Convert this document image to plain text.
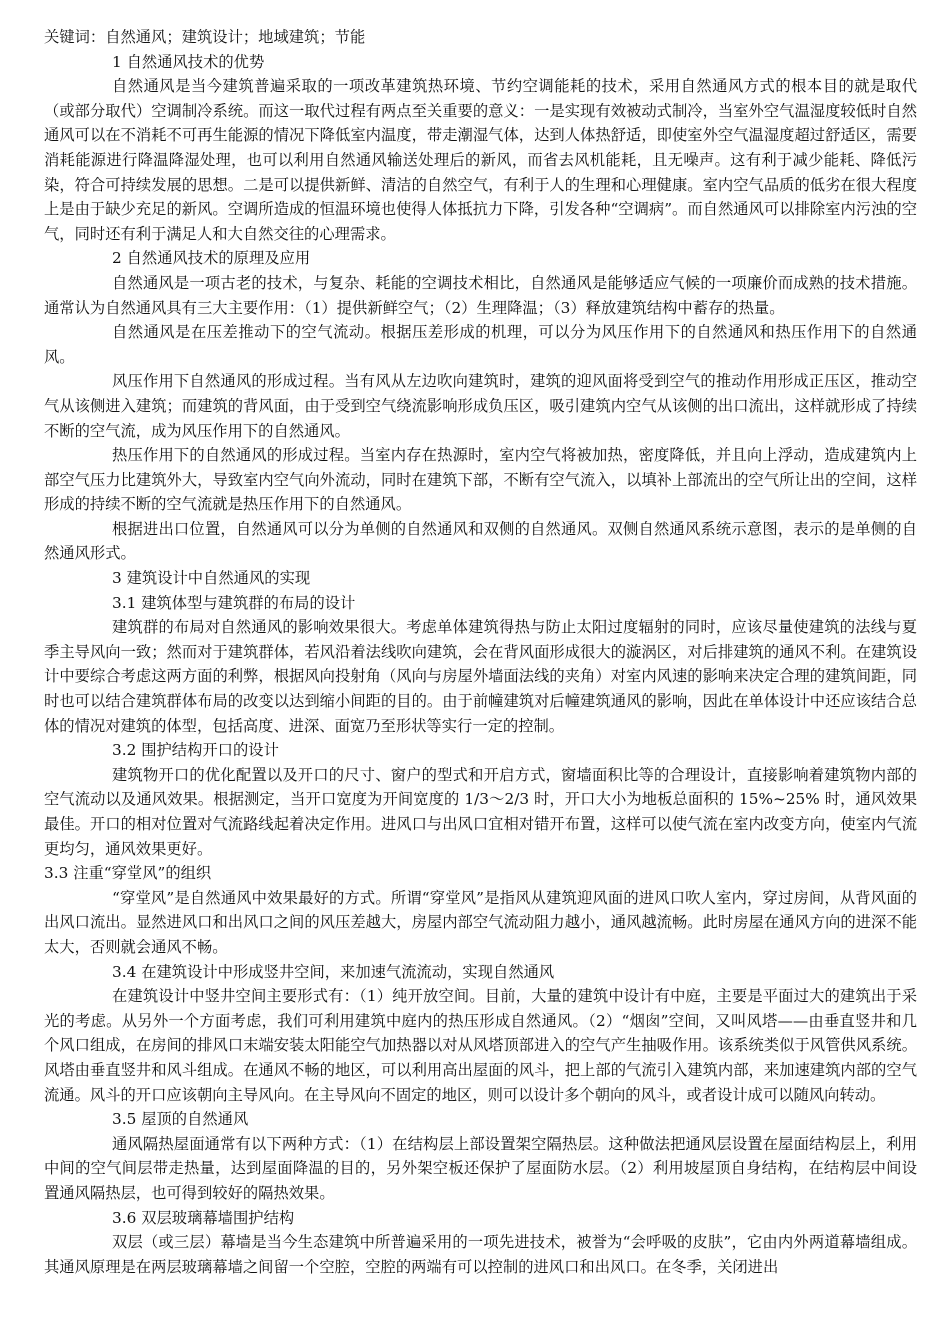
关键词：自然通风；建筑设计；地域建筑；节能

1 自然通风技术的优势

自然通风是当今建筑普遍采取的一项改革建筑热环境、节约空调能耗的技术，采用自然通风方式的根本目的就是取代（或部分取代）空调制冷系统。而这一取代过程有两点至关重要的意义：一是实现有效被动式制冷，当室外空气温湿度较低时自然通风可以在不消耗不可再生能源的情况下降低室内温度，带走潮湿气体，达到人体热舒适，即使室外空气温湿度超过舒适区，需要消耗能源进行降温降湿处理，也可以利用自然通风输送处理后的新风，而省去风机能耗，且无噪声。这有利于减少能耗、降低污染，符合可持续发展的思想。二是可以提供新鲜、清洁的自然空气，有利于人的生理和心理健康。室内空气品质的低劣在很大程度上是由于缺少充足的新风。空调所造成的恒温环境也使得人体抵抗力下降，引发各种“空调病”。而自然通风可以排除室内污浊的空气，同时还有利于满足人和大自然交往的心理需求。

2 自然通风技术的原理及应用

自然通风是一项古老的技术，与复杂、耗能的空调技术相比，自然通风是能够适应气候的一项廉价而成熟的技术措施。通常认为自然通风具有三大主要作用：（1）提供新鲜空气；（2）生理降温；（3）释放建筑结构中蓄存的热量。

自然通风是在压差推动下的空气流动。根据压差形成的机理，可以分为风压作用下的自然通风和热压作用下的自然通风。

风压作用下自然通风的形成过程。当有风从左边吹向建筑时，建筑的迎风面将受到空气的推动作用形成正压区，推动空气从该侧进入建筑；而建筑的背风面，由于受到空气绕流影响形成负压区，吸引建筑内空气从该侧的出口流出，这样就形成了持续不断的空气流，成为风压作用下的自然通风。

热压作用下的自然通风的形成过程。当室内存在热源时，室内空气将被加热，密度降低，并且向上浮动，造成建筑内上部空气压力比建筑外大，导致室内空气向外流动，同时在建筑下部，不断有空气流入，以填补上部流出的空气所让出的空间，这样形成的持续不断的空气流就是热压作用下的自然通风。

根据进出口位置，自然通风可以分为单侧的自然通风和双侧的自然通风。双侧自然通风系统示意图，表示的是单侧的自然通风形式。

3 建筑设计中自然通风的实现

3.1 建筑体型与建筑群的布局的设计

建筑群的布局对自然通风的影响效果很大。考虑单体建筑得热与防止太阳过度辐射的同时，应该尽量使建筑的法线与夏季主导风向一致；然而对于建筑群体，若风沿着法线吹向建筑，会在背风面形成很大的漩涡区，对后排建筑的通风不利。在建筑设计中要综合考虑这两方面的利弊，根据风向投射角（风向与房屋外墙面法线的夹角）对室内风速的影响来决定合理的建筑间距，同时也可以结合建筑群体布局的改变以达到缩小间距的目的。由于前幢建筑对后幢建筑通风的影响，因此在单体设计中还应该结合总体的情况对建筑的体型，包括高度、进深、面宽乃至形状等实行一定的控制。

3.2 围护结构开口的设计

建筑物开口的优化配置以及开口的尺寸、窗户的型式和开启方式，窗墙面积比等的合理设计，直接影响着建筑物内部的空气流动以及通风效果。根据测定，当开口宽度为开间宽度的 1/3～2/3 时，开口大小为地板总面积的 15%~25% 时，通风效果最佳。开口的相对位置对气流路线起着决定作用。进风口与出风口宜相对错开布置，这样可以使气流在室内改变方向，使室内气流更均匀，通风效果更好。

3.3 注重“穿堂风”的组织

“穿堂风”是自然通风中效果最好的方式。所谓“穿堂风”是指风从建筑迎风面的进风口吹人室内，穿过房间，从背风面的出风口流出。显然进风口和出风口之间的风压差越大，房屋内部空气流动阻力越小，通风越流畅。此时房屋在通风方向的进深不能太大，否则就会通风不畅。

3.4 在建筑设计中形成竖井空间，来加速气流流动，实现自然通风

在建筑设计中竖井空间主要形式有：（1）纯开放空间。目前，大量的建筑中设计有中庭，主要是平面过大的建筑出于采光的考虑。从另外一个方面考虑，我们可利用建筑中庭内的热压形成自然通风。（2）“烟囱”空间，又叫风塔——由垂直竖井和几个风口组成，在房间的排风口末端安装太阳能空气加热器以对从风塔顶部进入的空气产生抽吸作用。该系统类似于风管供风系统。风塔由垂直竖井和风斗组成。在通风不畅的地区，可以利用高出屋面的风斗，把上部的气流引入建筑内部，来加速建筑内部的空气流通。风斗的开口应该朝向主导风向。在主导风向不固定的地区，则可以设计多个朝向的风斗，或者设计成可以随风向转动。

3.5 屋顶的自然通风

通风隔热屋面通常有以下两种方式：（1）在结构层上部设置架空隔热层。这种做法把通风层设置在屋面结构层上，利用中间的空气间层带走热量，达到屋面降温的目的，另外架空板还保护了屋面防水层。（2）利用坡屋顶自身结构，在结构层中间设置通风隔热层，也可得到较好的隔热效果。

3.6 双层玻璃幕墙围护结构

双层（或三层）幕墙是当今生态建筑中所普遍采用的一项先进技术，被誉为“会呼吸的皮肤”，它由内外两道幕墙组成。其通风原理是在两层玻璃幕墙之间留一个空腔，空腔的两端有可以控制的进风口和出风口。在冬季，关闭进出
